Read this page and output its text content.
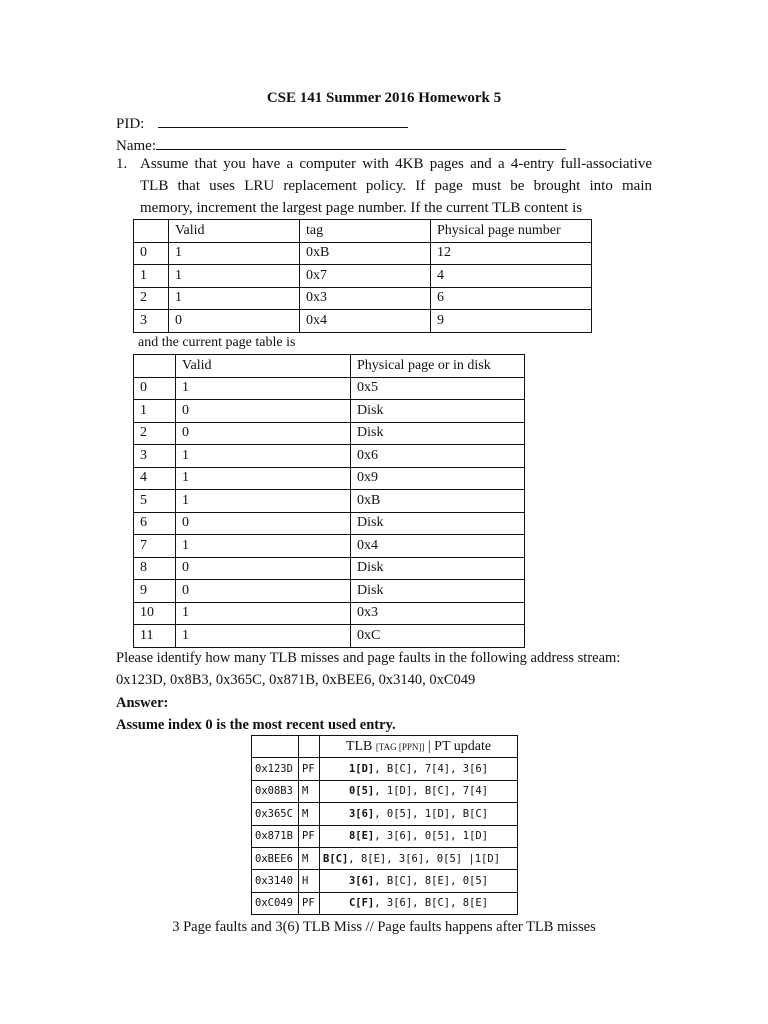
CSE 141 Summer 2016 Homework 5
PID:
Name:
1. Assume that you have a computer with 4KB pages and a 4-entry full-associative
TLB that uses LRU replacement policy. If page must be brought into main
memory, increment the largest page number. If the current TLB content is
	Valid	tag	Physical page number
0	1	0xB	12
1	1	0x7	4
2	1	0x3	6
3	0	0x4	9
and the current page table is
	Valid	Physical page or in disk
0	1	0x5
1	0	Disk
2	0	Disk
3	1	0x6
4	1	0x9
5	1	0xB
6	0	Disk
7	1	0x4
8	0	Disk
9	0	Disk
10	1	0x3
11	1	0xC
Please identify how many TLB misses and page faults in the following address stream:
0x123D, 0x8B3, 0x365C, 0x871B, 0xBEE6, 0x3140, 0xC049
Answer:
Assume index 0 is the most recent used entry.
		TLB [TAG [PPN]] | PT update
0x123D	PF	1[D], B[C], 7[4], 3[6]
0x08B3	M	0[5], 1[D], B[C], 7[4]
0x365C	M	3[6], 0[5], 1[D], B[C]
0x871B	PF	8[E], 3[6], 0[5], 1[D]
0xBEE6	M	B[C], 8[E], 3[6], 0[5] |1[D]
0x3140	H	3[6], B[C], 8[E], 0[5]
0xC049	PF	C[F], 3[6], B[C], 8[E]
3 Page faults and 3(6) TLB Miss // Page faults happens after TLB misses
